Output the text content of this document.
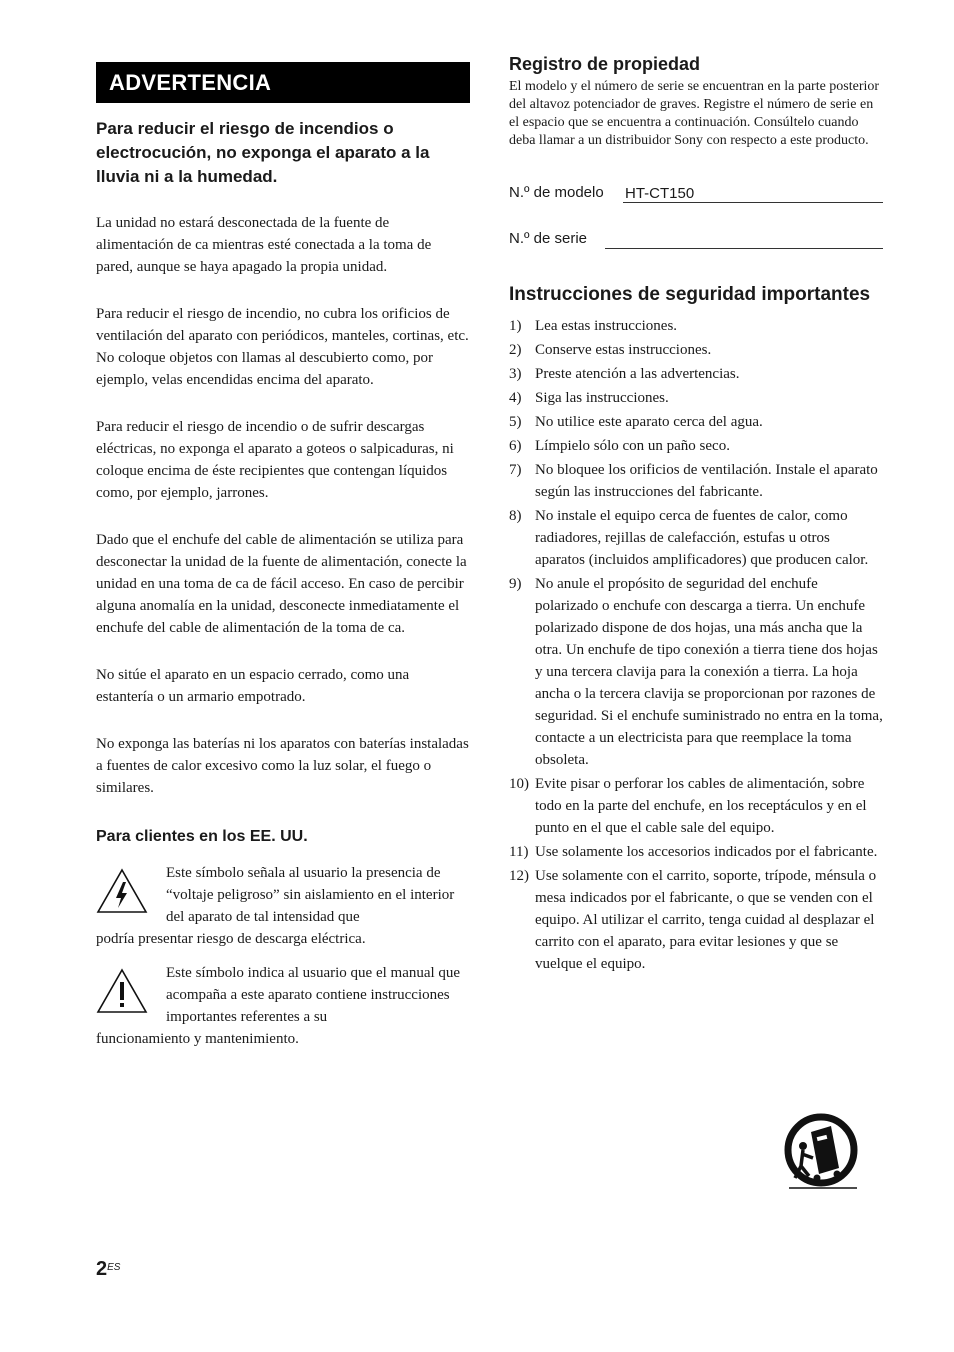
ADVERTENCIA

Para reducir el riesgo de incendios o electrocución, no exponga el aparato a la lluvia ni a la humedad.

La unidad no estará desconectada de la fuente de alimentación de ca mientras esté conectada a la toma de pared, aunque se haya apagado la propia unidad.

Para reducir el riesgo de incendio, no cubra los orificios de ventilación del aparato con periódicos, manteles, cortinas, etc.

No coloque objetos con llamas al descubierto como, por ejemplo, velas encendidas encima del aparato.

Para reducir el riesgo de incendio o de sufrir descargas eléctricas, no exponga el aparato a goteos o salpicaduras, ni coloque encima de éste recipientes que contengan líquidos como, por ejemplo, jarrones.

Dado que el enchufe del cable de alimentación se utiliza para desconectar la unidad de la fuente de alimentación, conecte la unidad en una toma de ca de fácil acceso. En caso de percibir alguna anomalía en la unidad, desconecte inmediatamente el enchufe del cable de alimentación de la toma de ca.

No sitúe el aparato en un espacio cerrado, como una estantería o un armario empotrado.

No exponga las baterías ni los aparatos con baterías instaladas a fuentes de calor excesivo como la luz solar, el fuego o similares.

Para clientes en los EE. UU.
Este símbolo señala al usuario la presencia de “voltaje peligroso” sin aislamiento en el interior del aparato de tal intensidad que
podría presentar riesgo de descarga eléctrica.
Este símbolo indica al usuario que el manual que acompaña a este aparato contiene instrucciones importantes referentes a su
funcionamiento y mantenimiento.
Registro de propiedad

El modelo y el número de serie se encuentran en la parte posterior del altavoz potenciador de graves. Registre el número de serie en el espacio que se encuentra a continuación. Consúltelo cuando deba llamar a un distribuidor Sony con respecto a este producto.

N.º de modelo HT-CT150
N.º de serie
Instrucciones de seguridad importantes
1) Lea estas instrucciones.
2) Conserve estas instrucciones.
3) Preste atención a las advertencias.
4) Siga las instrucciones.
5) No utilice este aparato cerca del agua.
6) Límpielo sólo con un paño seco.
7) No bloquee los orificios de ventilación. Instale el aparato según las instrucciones del fabricante.
8) No instale el equipo cerca de fuentes de calor, como radiadores, rejillas de calefacción, estufas u otros aparatos (incluidos amplificadores) que producen calor.
9) No anule el propósito de seguridad del enchufe polarizado o enchufe con descarga a tierra. Un enchufe polarizado dispone de dos hojas, una más ancha que la otra. Un enchufe de tipo conexión a tierra tiene dos hojas y una tercera clavija para la conexión a tierra. La hoja ancha o la tercera clavija se proporcionan por razones de seguridad. Si el enchufe suministrado no entra en la toma, contacte a un electricista para que reemplace la toma obsoleta.
10) Evite pisar o perforar los cables de alimentación, sobre todo en la parte del enchufe, en los receptáculos y en el punto en el que el cable sale del equipo.
11) Use solamente los accesorios indicados por el fabricante.
12) Use solamente con el carrito, soporte, trípode, ménsula o mesa indicados por el fabricante, o que se venden con el equipo. Al utilizar el carrito, tenga cuidad al desplazar el carrito con el aparato, para evitar lesiones y que se vuelque el equipo.
$2^{ES}$
